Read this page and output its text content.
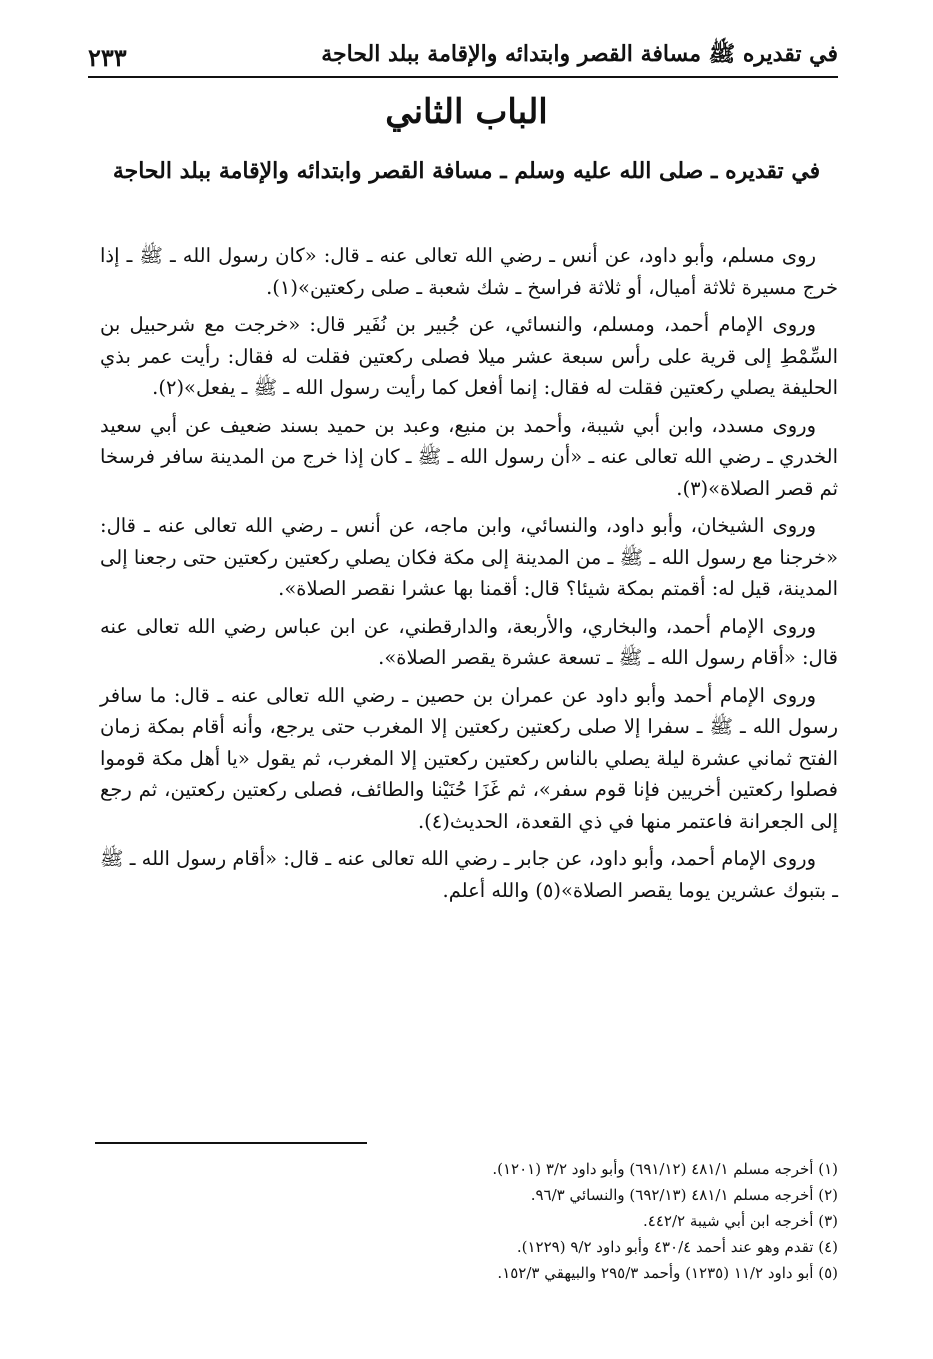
في تقديره ﷺ مسافة القصر وابتدائه والإقامة ببلد الحاجة
٢٣٣
الباب الثاني
في تقديره ـ صلى الله عليه وسلم ـ مسافة القصر وابتدائه والإقامة ببلد الحاجة

روى مسلم، وأبو داود، عن أنس ـ رضي الله تعالى عنه ـ قال: «كان رسول الله ـ ﷺ ـ إذا خرج مسيرة ثلاثة أميال، أو ثلاثة فراسخ ـ شك شعبة ـ صلى ركعتين»(١).

وروى الإمام أحمد، ومسلم، والنسائي، عن جُبير بن نُفَير قال: «خرجت مع شرحبيل بن السِّمْطِ إلى قرية على رأس سبعة عشر ميلا فصلى ركعتين فقلت له فقال: رأيت عمر بذي الحليفة يصلي ركعتين فقلت له فقال: إنما أفعل كما رأيت رسول الله ـ ﷺ ـ يفعل»(٢).

وروى مسدد، وابن أبي شيبة، وأحمد بن منيع، وعبد بن حميد بسند ضعيف عن أبي سعيد الخدري ـ رضي الله تعالى عنه ـ «أن رسول الله ـ ﷺ ـ كان إذا خرج من المدينة سافر فرسخا ثم قصر الصلاة»(٣).

وروى الشيخان، وأبو داود، والنسائي، وابن ماجه، عن أنس ـ رضي الله تعالى عنه ـ قال: «خرجنا مع رسول الله ـ ﷺ ـ من المدينة إلى مكة فكان يصلي ركعتين ركعتين حتى رجعنا إلى المدينة، قيل له: أقمتم بمكة شيئا؟ قال: أقمنا بها عشرا نقصر الصلاة».

وروى الإمام أحمد، والبخاري، والأربعة، والدارقطني، عن ابن عباس رضي الله تعالى عنه قال: «أقام رسول الله ـ ﷺ ـ تسعة عشرة يقصر الصلاة».

وروى الإمام أحمد وأبو داود عن عمران بن حصين ـ رضي الله تعالى عنه ـ قال: ما سافر رسول الله ـ ﷺ ـ سفرا إلا صلى ركعتين ركعتين إلا المغرب حتى يرجع، وأنه أقام بمكة زمان الفتح ثماني عشرة ليلة يصلي بالناس ركعتين ركعتين إلا المغرب، ثم يقول «يا أهل مكة قوموا فصلوا ركعتين أخريين فإنا قوم سفر»، ثم غَزَا حُنَيْنا والطائف، فصلى ركعتين ركعتين، ثم رجع إلى الجعرانة فاعتمر منها في ذي القعدة، الحديث(٤).

وروى الإمام أحمد، وأبو داود، عن جابر ـ رضي الله تعالى عنه ـ قال: «أقام رسول الله ـ ﷺ ـ بتبوك عشرين يوما يقصر الصلاة»(٥) والله أعلم.

(١) أخرجه مسلم ٤٨١/١ (٦٩١/١٢) وأبو داود ٣/٢ (١٢٠١).
(٢) أخرجه مسلم ٤٨١/١ (٦٩٢/١٣) والنسائي ٩٦/٣.
(٣) أخرجه ابن أبي شيبة ٤٤٢/٢.
(٤) تقدم وهو عند أحمد ٤٣٠/٤ وأبو داود ٩/٢ (١٢٢٩).
(٥) أبو داود ١١/٢ (١٢٣٥) وأحمد ٢٩٥/٣ والبيهقي ١٥٢/٣.
